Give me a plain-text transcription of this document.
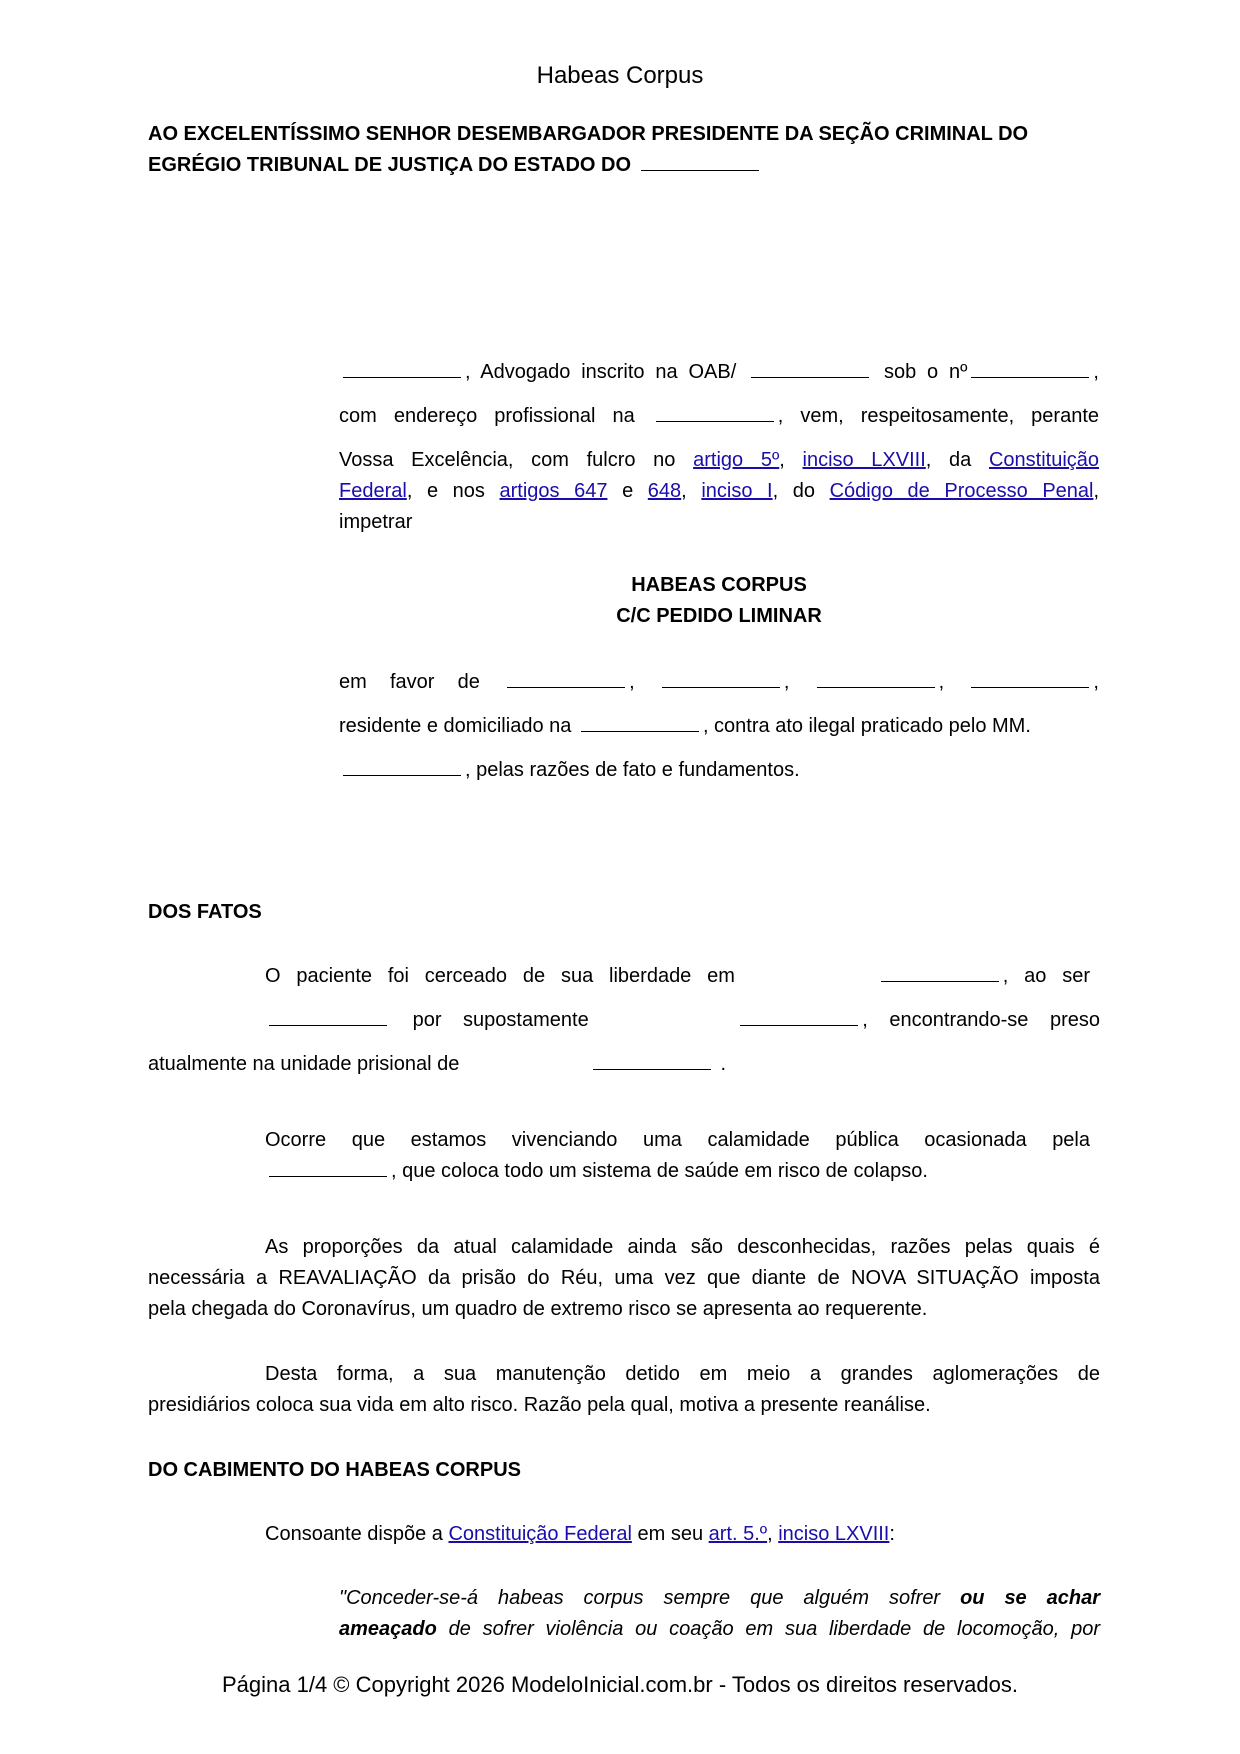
Habeas Corpus
AO EXCELENTÍSSIMO SENHOR DESEMBARGADOR PRESIDENTE DA SEÇÃO CRIMINAL DO
EGRÉGIO TRIBUNAL DE JUSTIÇA DO ESTADO DO
, Advogado inscrito na OAB/	sob o nº	,
com endereço profissional na	, vem, respeitosamente, perante
Vossa Excelência, com fulcro no artigo 5º, inciso LXVIII, da Constituição
Federal, e nos artigos 647 e 648, inciso I, do Código de Processo Penal,
impetrar
HABEAS CORPUS
C/C PEDIDO LIMINAR
em favor de	,	,	,	,
residente e domiciliado na	, contra ato ilegal praticado pelo MM.
, pelas razões de fato e fundamentos.
DOS FATOS
O paciente foi cerceado de sua liberdade em	, ao ser
por supostamente	, encontrando-se preso
atualmente na unidade prisional de	.
Ocorre que estamos vivenciando uma calamidade pública ocasionada pela
, que coloca todo um sistema de saúde em risco de colapso.
As proporções da atual calamidade ainda são desconhecidas, razões pelas quais é
necessária a REAVALIAÇÃO da prisão do Réu, uma vez que diante de NOVA SITUAÇÃO imposta
pela chegada do Coronavírus, um quadro de extremo risco se apresenta ao requerente.
Desta forma, a sua manutenção detido em meio a grandes aglomerações de
presidiários coloca sua vida em alto risco. Razão pela qual, motiva a presente reanálise.
DO CABIMENTO DO HABEAS CORPUS
Consoante dispõe a Constituição Federal em seu art. 5.º, inciso LXVIII:
"Conceder-se-á habeas corpus sempre que alguém sofrer ou se achar
ameaçado de sofrer violência ou coação em sua liberdade de locomoção, por
Página 1/4 © Copyright 2026 ModeloInicial.com.br - Todos os direitos reservados.
